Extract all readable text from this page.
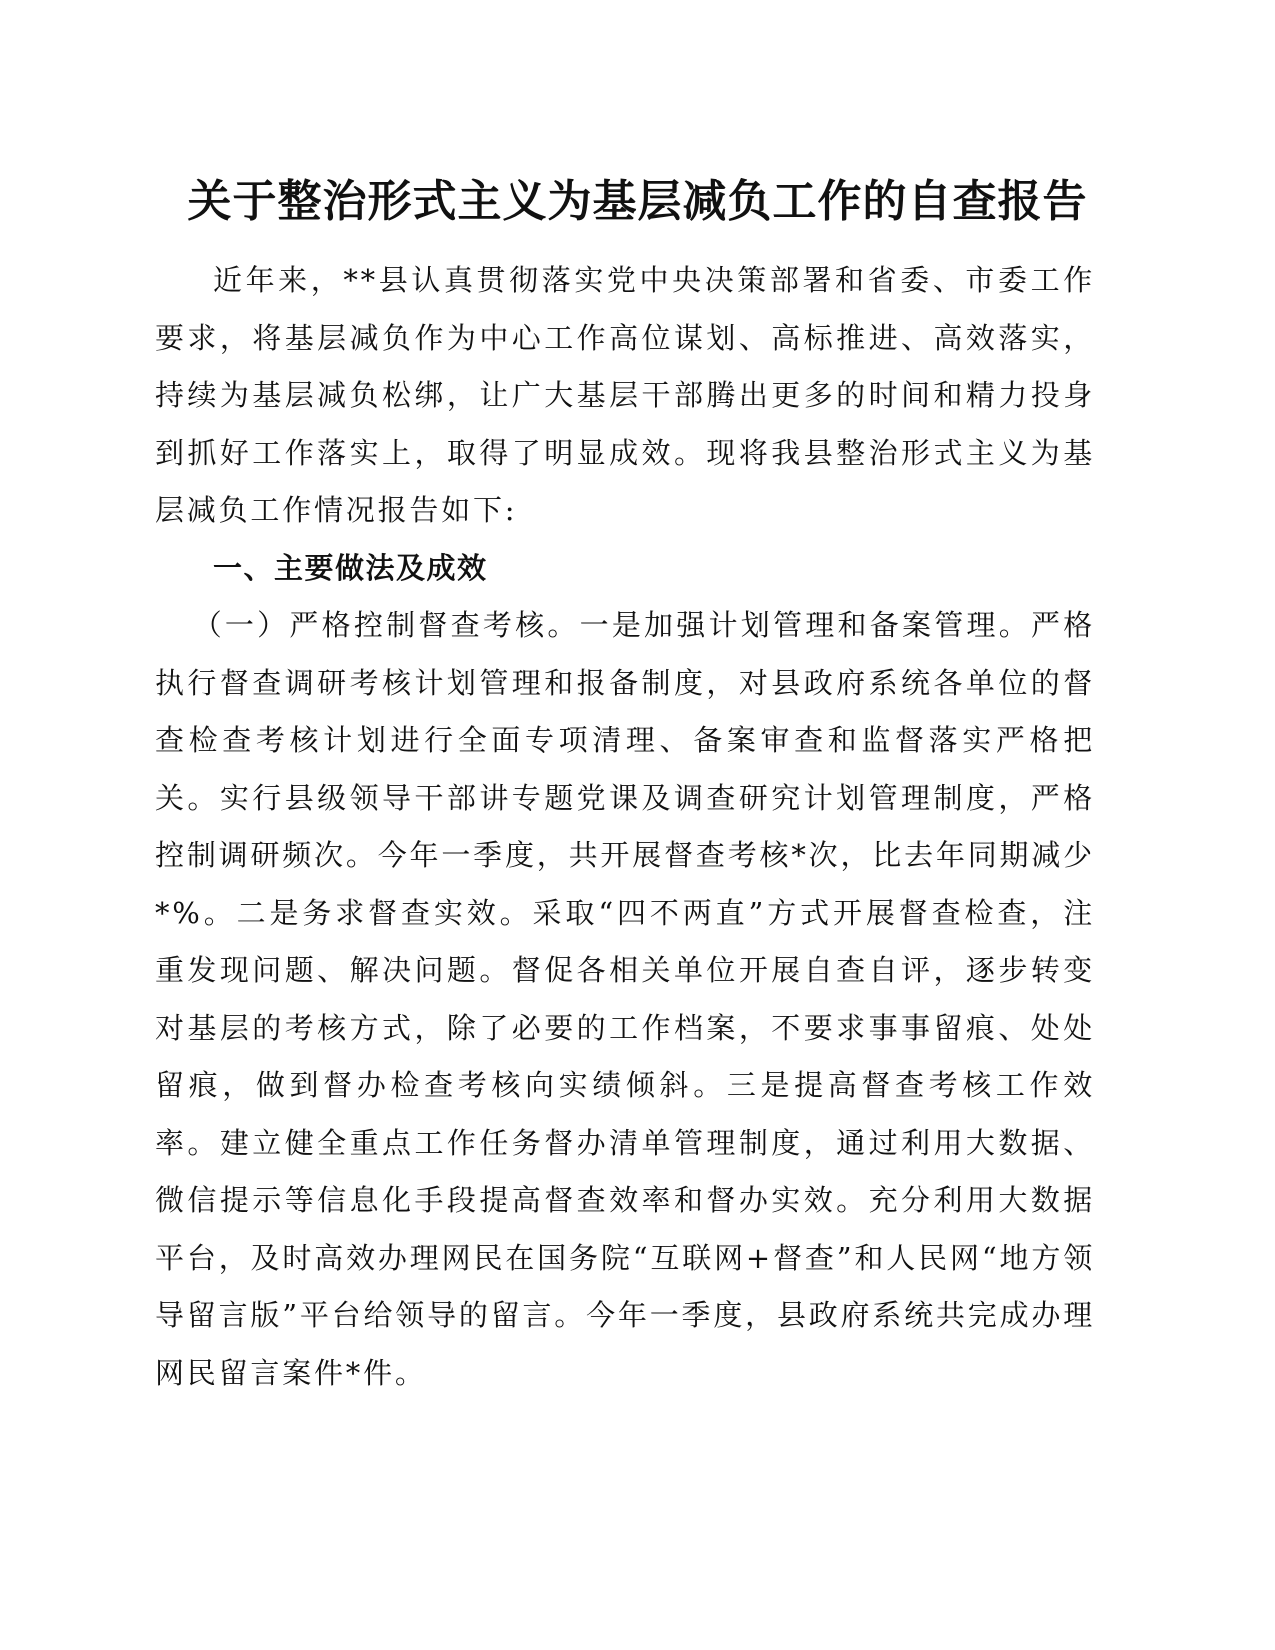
关于整治形式主义为基层减负工作的自查报告

近年来，**县认真贯彻落实党中央决策部署和省委、市委工作要求，将基层减负作为中心工作高位谋划、高标推进、高效落实，持续为基层减负松绑，让广大基层干部腾出更多的时间和精力投身到抓好工作落实上，取得了明显成效。现将我县整治形式主义为基层减负工作情况报告如下:

一、主要做法及成效

（一）严格控制督查考核。一是加强计划管理和备案管理。严格执行督查调研考核计划管理和报备制度，对县政府系统各单位的督查检查考核计划进行全面专项清理、备案审查和监督落实严格把关。实行县级领导干部讲专题党课及调查研究计划管理制度，严格控制调研频次。今年一季度，共开展督查考核*次，比去年同期减少*%。二是务求督查实效。采取“四不两直”方式开展督查检查，注重发现问题、解决问题。督促各相关单位开展自查自评，逐步转变对基层的考核方式，除了必要的工作档案，不要求事事留痕、处处留痕，做到督办检查考核向实绩倾斜。三是提高督查考核工作效率。建立健全重点工作任务督办清单管理制度，通过利用大数据、微信提示等信息化手段提高督查效率和督办实效。充分利用大数据平台，及时高效办理网民在国务院“互联网+督查”和人民网“地方领导留言版”平台给领导的留言。今年一季度，县政府系统共完成办理网民留言案件*件。
